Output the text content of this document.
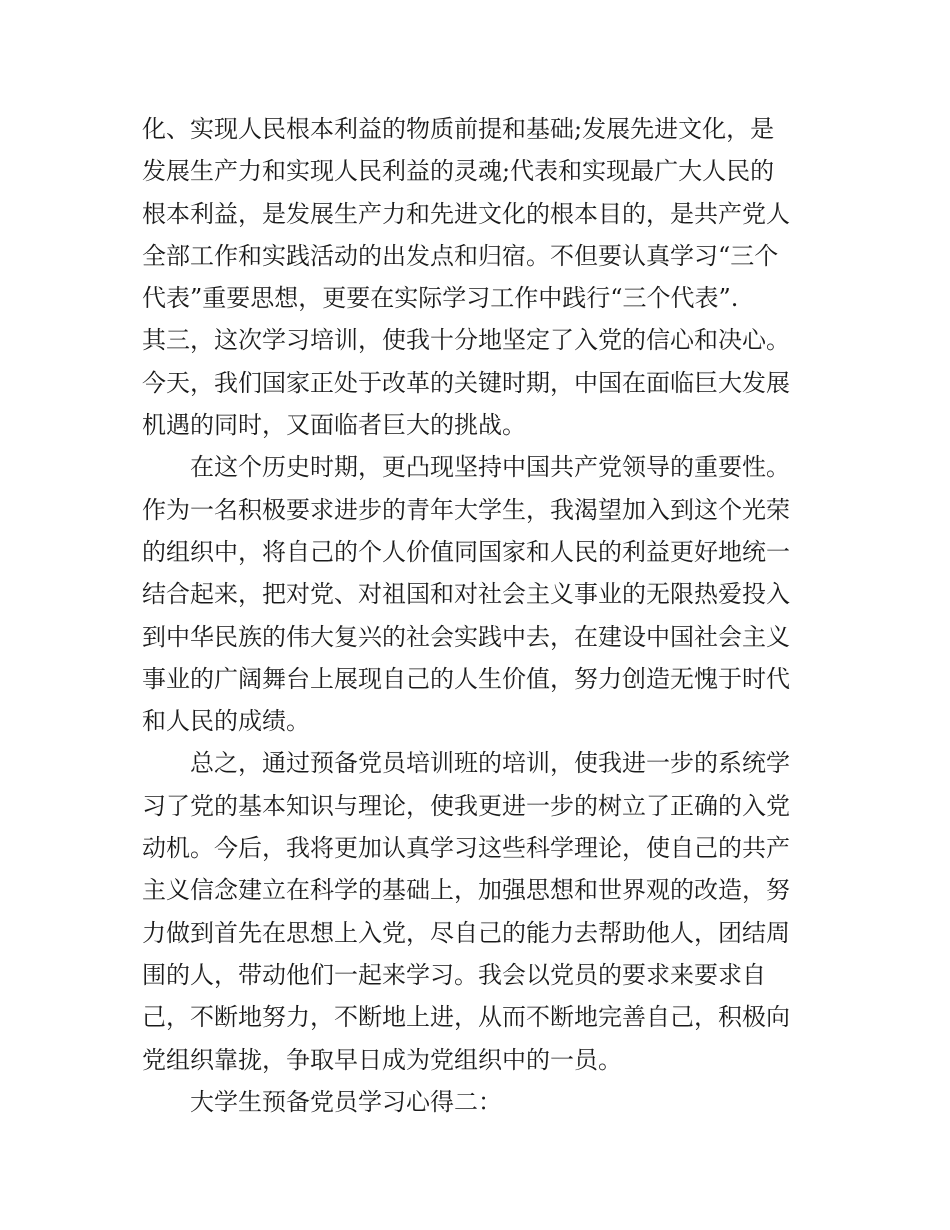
化、实现人民根本利益的物质前提和基础;发展先进文化，是
发展生产力和实现人民利益的灵魂;代表和实现最广大人民的
根本利益，是发展生产力和先进文化的根本目的，是共产党人
全部工作和实践活动的出发点和归宿。不但要认真学习“三个
代表”重要思想，更要在实际学习工作中践行“三个代表”.
其三，这次学习培训，使我十分地坚定了入党的信心和决心。
今天，我们国家正处于改革的关键时期，中国在面临巨大发展
机遇的同时，又面临者巨大的挑战。
在这个历史时期，更凸现坚持中国共产党领导的重要性。
作为一名积极要求进步的青年大学生，我渴望加入到这个光荣
的组织中，将自己的个人价值同国家和人民的利益更好地统一
结合起来，把对党、对祖国和对社会主义事业的无限热爱投入
到中华民族的伟大复兴的社会实践中去，在建设中国社会主义
事业的广阔舞台上展现自己的人生价值，努力创造无愧于时代
和人民的成绩。
总之，通过预备党员培训班的培训，使我进一步的系统学
习了党的基本知识与理论，使我更进一步的树立了正确的入党
动机。今后，我将更加认真学习这些科学理论，使自己的共产
主义信念建立在科学的基础上，加强思想和世界观的改造，努
力做到首先在思想上入党，尽自己的能力去帮助他人，团结周
围的人，带动他们一起来学习。我会以党员的要求来要求自
己，不断地努力，不断地上进，从而不断地完善自己，积极向
党组织靠拢，争取早日成为党组织中的一员。
大学生预备党员学习心得二：
